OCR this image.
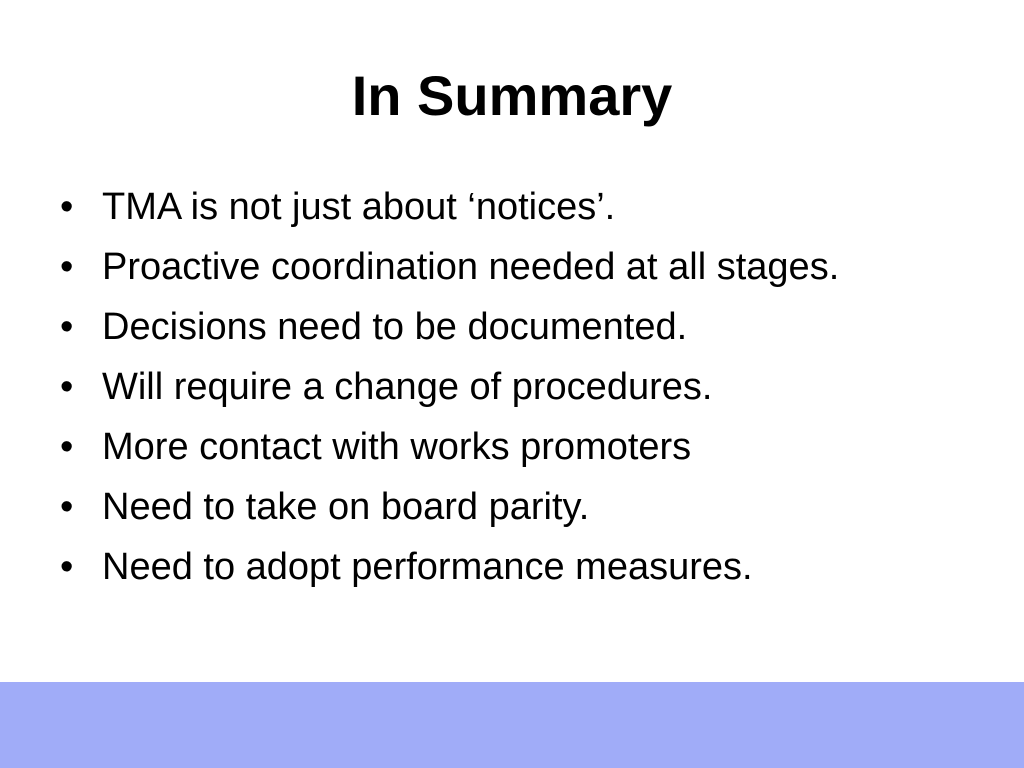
In Summary
• TMA is not just about ‘notices’.
• Proactive coordination needed at all stages.
• Decisions need to be documented.
• Will require a change of procedures.
• More contact with works promoters
• Need to take on board parity.
• Need to adopt performance measures.
